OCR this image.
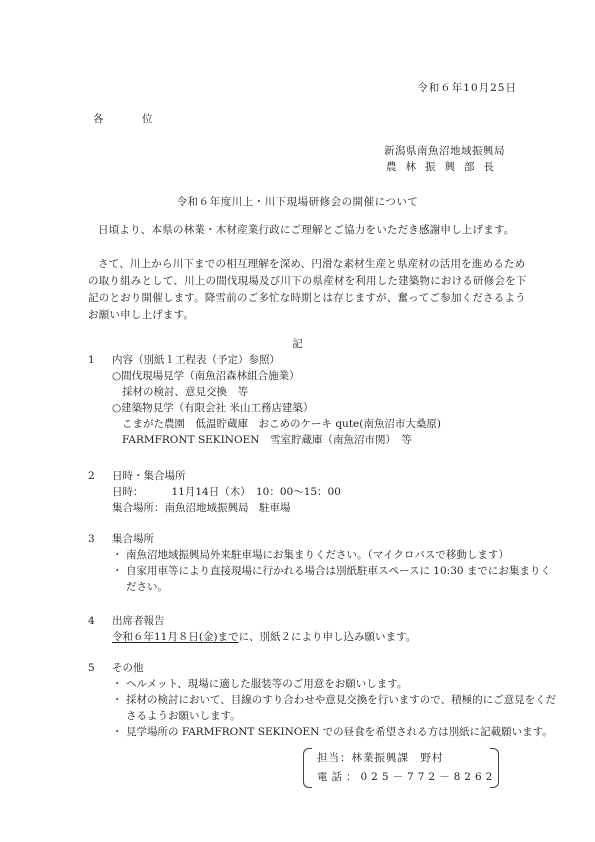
令和６年10月25日
各　位
新潟県南魚沼地域振興局
農林振興部長
令和６年度川上・川下現場研修会の開催について
日頃より、本県の林業・木材産業行政にご理解とご協力をいただき感謝申し上げます。
さて、川上から川下までの相互理解を深め、円滑な素材生産と県産材の活用を進めるための取り組みとして、川上の間伐現場及び川下の県産材を利用した建築物における研修会を下記のとおり開催します。降雪前のご多忙な時期とは存じますが、奮ってご参加くださるようお願い申し上げます。
記
1 内容（別紙１工程表（予定）参照）
○間伐現場見学（南魚沼森林組合施業）
採材の検討、意見交換　等
○建築物見学（有限会社 米山工務店建築）
こまがた農園　低温貯蔵庫　おこめのケーキ qute(南魚沼市大桑原)
FARMFRONT SEKINOEN　雪室貯蔵庫（南魚沼市関）　等
2 日時・集合場所
日時：	11月14日（木）　10：00～15：00
集合場所：南魚沼地域振興局　駐車場
3 集合場所
・ 南魚沼地域振興局外来駐車場にお集まりください。（マイクロバスで移動します）
・ 自家用車等により直接現場に行かれる場合は別紙駐車スペースに 10:30 までにお集まりください。
4 出席者報告
令和６年11月８日(金)までに、別紙２により申し込み願います。
5 その他
・ ヘルメット、現場に適した服装等のご用意をお願いします。
・ 採材の検討において、目線のすり合わせや意見交換を行いますので、積極的にご意見をくださるようお願いします。
・ 見学場所の FARMFRONT SEKINOEN での昼食を希望される方は別紙に記載願います。
担当：林業振興課　野村
電話：025－772－8262
